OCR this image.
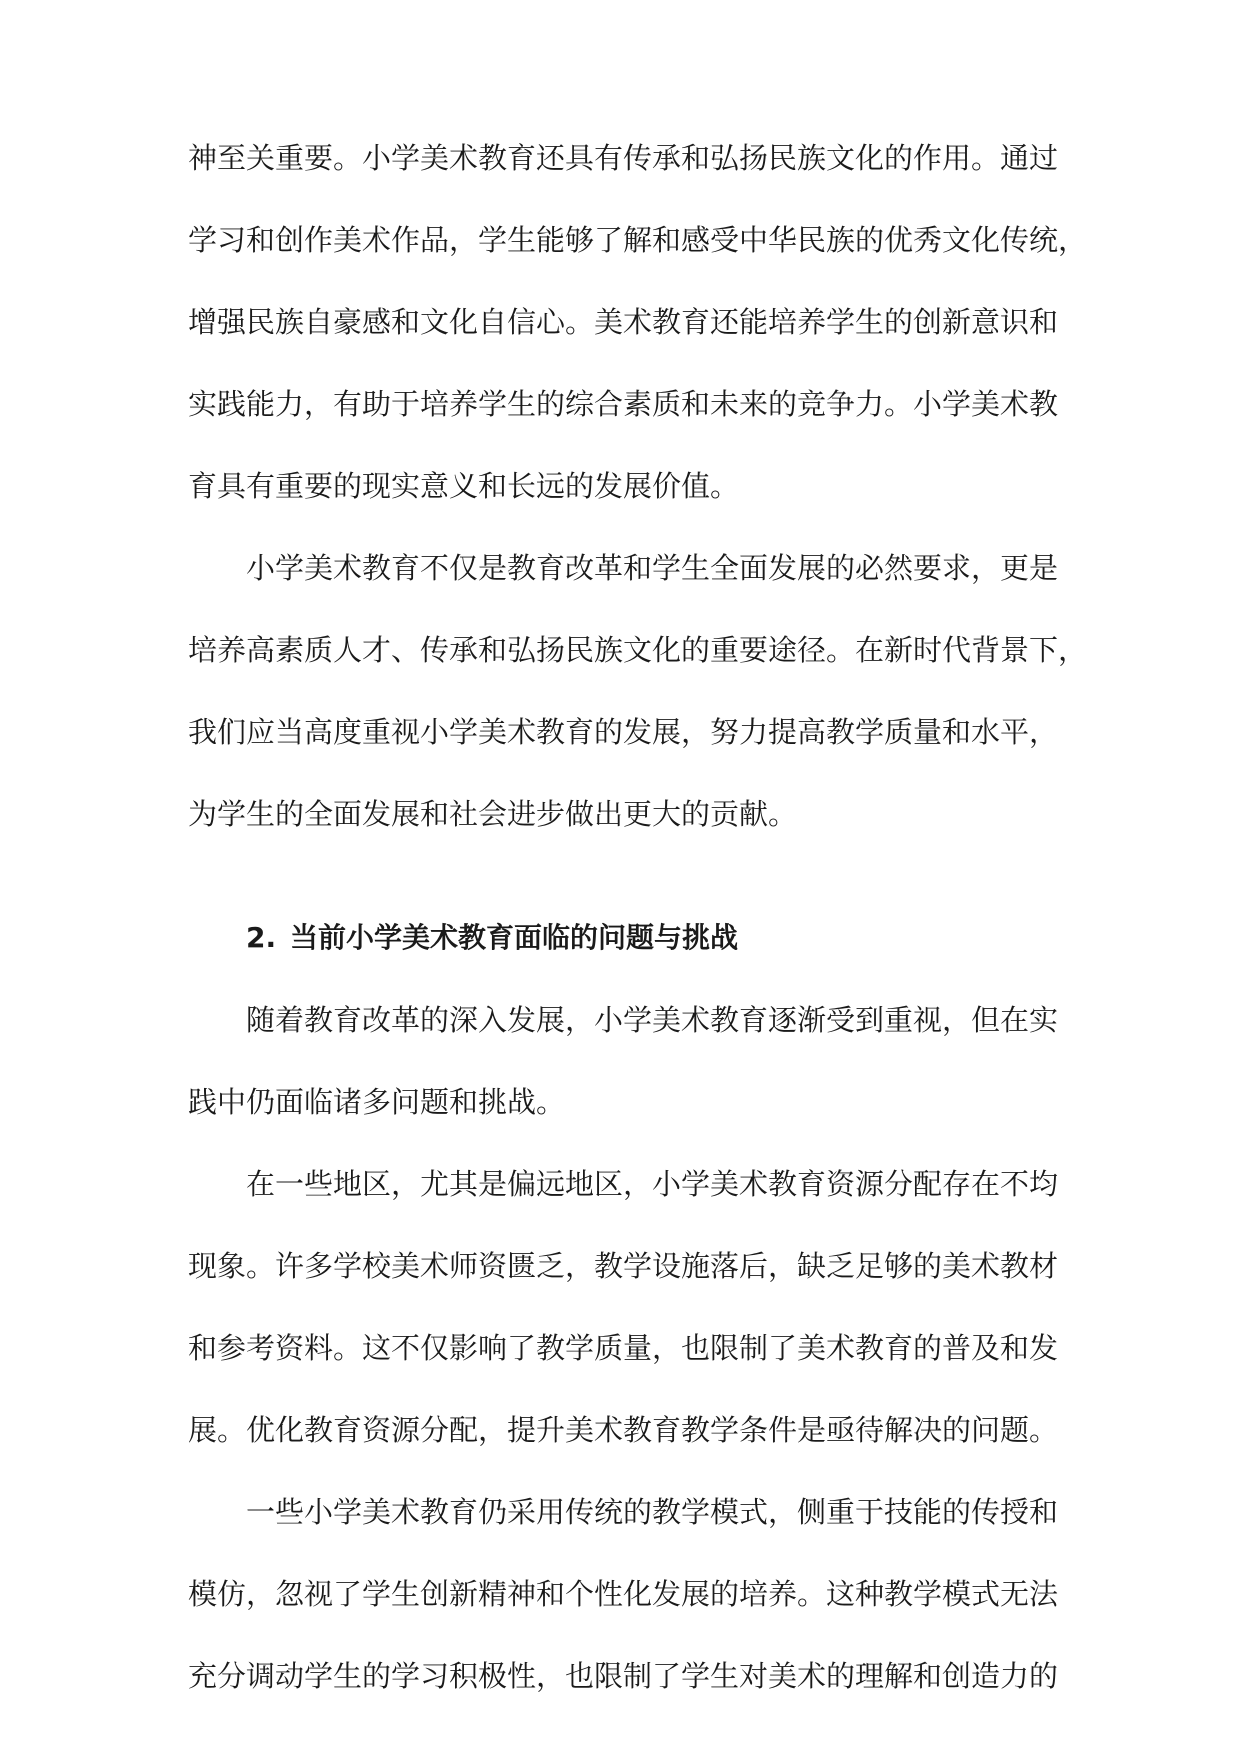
神至关重要。小学美术教育还具有传承和弘扬民族文化的作用。通过
学习和创作美术作品，学生能够了解和感受中华民族的优秀文化传统，
增强民族自豪感和文化自信心。美术教育还能培养学生的创新意识和
实践能力，有助于培养学生的综合素质和未来的竞争力。小学美术教
育具有重要的现实意义和长远的发展价值。
小学美术教育不仅是教育改革和学生全面发展的必然要求，更是
培养高素质人才、传承和弘扬民族文化的重要途径。在新时代背景下，
我们应当高度重视小学美术教育的发展，努力提高教学质量和水平，
为学生的全面发展和社会进步做出更大的贡献。
2. 当前小学美术教育面临的问题与挑战
随着教育改革的深入发展，小学美术教育逐渐受到重视，但在实
践中仍面临诸多问题和挑战。
在一些地区，尤其是偏远地区，小学美术教育资源分配存在不均
现象。许多学校美术师资匮乏，教学设施落后，缺乏足够的美术教材
和参考资料。这不仅影响了教学质量，也限制了美术教育的普及和发
展。优化教育资源分配，提升美术教育教学条件是亟待解决的问题。
一些小学美术教育仍采用传统的教学模式，侧重于技能的传授和
模仿，忽视了学生创新精神和个性化发展的培养。这种教学模式无法
充分调动学生的学习积极性，也限制了学生对美术的理解和创造力的
